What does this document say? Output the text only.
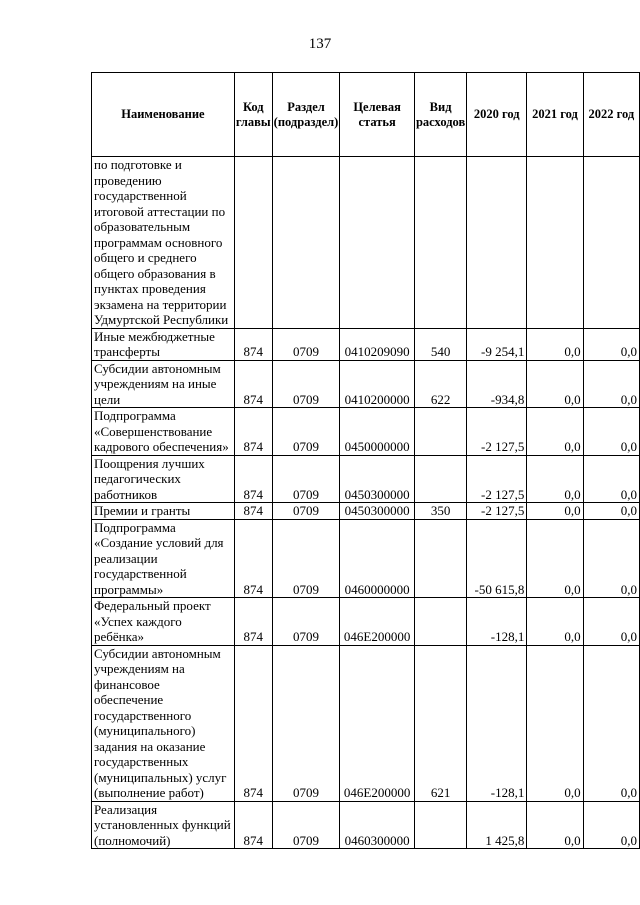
137
Наименование	Код главы	Раздел (подраздел)	Целевая статья	Вид расходов	2020 год	2021 год	2022 год
по подготовке и проведению государственной итоговой аттестации по образовательным программам основного общего и среднего общего образования в пунктах проведения экзамена на территории Удмуртской Республики							
Иные межбюджетные трансферты	874	0709	0410209090	540	-9 254,1	0,0	0,0
Субсидии автономным учреждениям на иные цели	874	0709	0410200000	622	-934,8	0,0	0,0
Подпрограмма «Совершенствование кадрового обеспечения»	874	0709	0450000000		-2 127,5	0,0	0,0
Поощрения лучших педагогических работников	874	0709	0450300000		-2 127,5	0,0	0,0
Премии и гранты	874	0709	0450300000	350	-2 127,5	0,0	0,0
Подпрограмма «Создание условий для реализации государственной программы»	874	0709	0460000000		-50 615,8	0,0	0,0
Федеральный проект «Успех каждого ребёнка»	874	0709	046E200000		-128,1	0,0	0,0
Субсидии автономным учреждениям на финансовое обеспечение государственного (муниципального) задания на оказание государственных (муниципальных) услуг (выполнение работ)	874	0709	046E200000	621	-128,1	0,0	0,0
Реализация установленных функций (полномочий)	874	0709	0460300000		1 425,8	0,0	0,0
